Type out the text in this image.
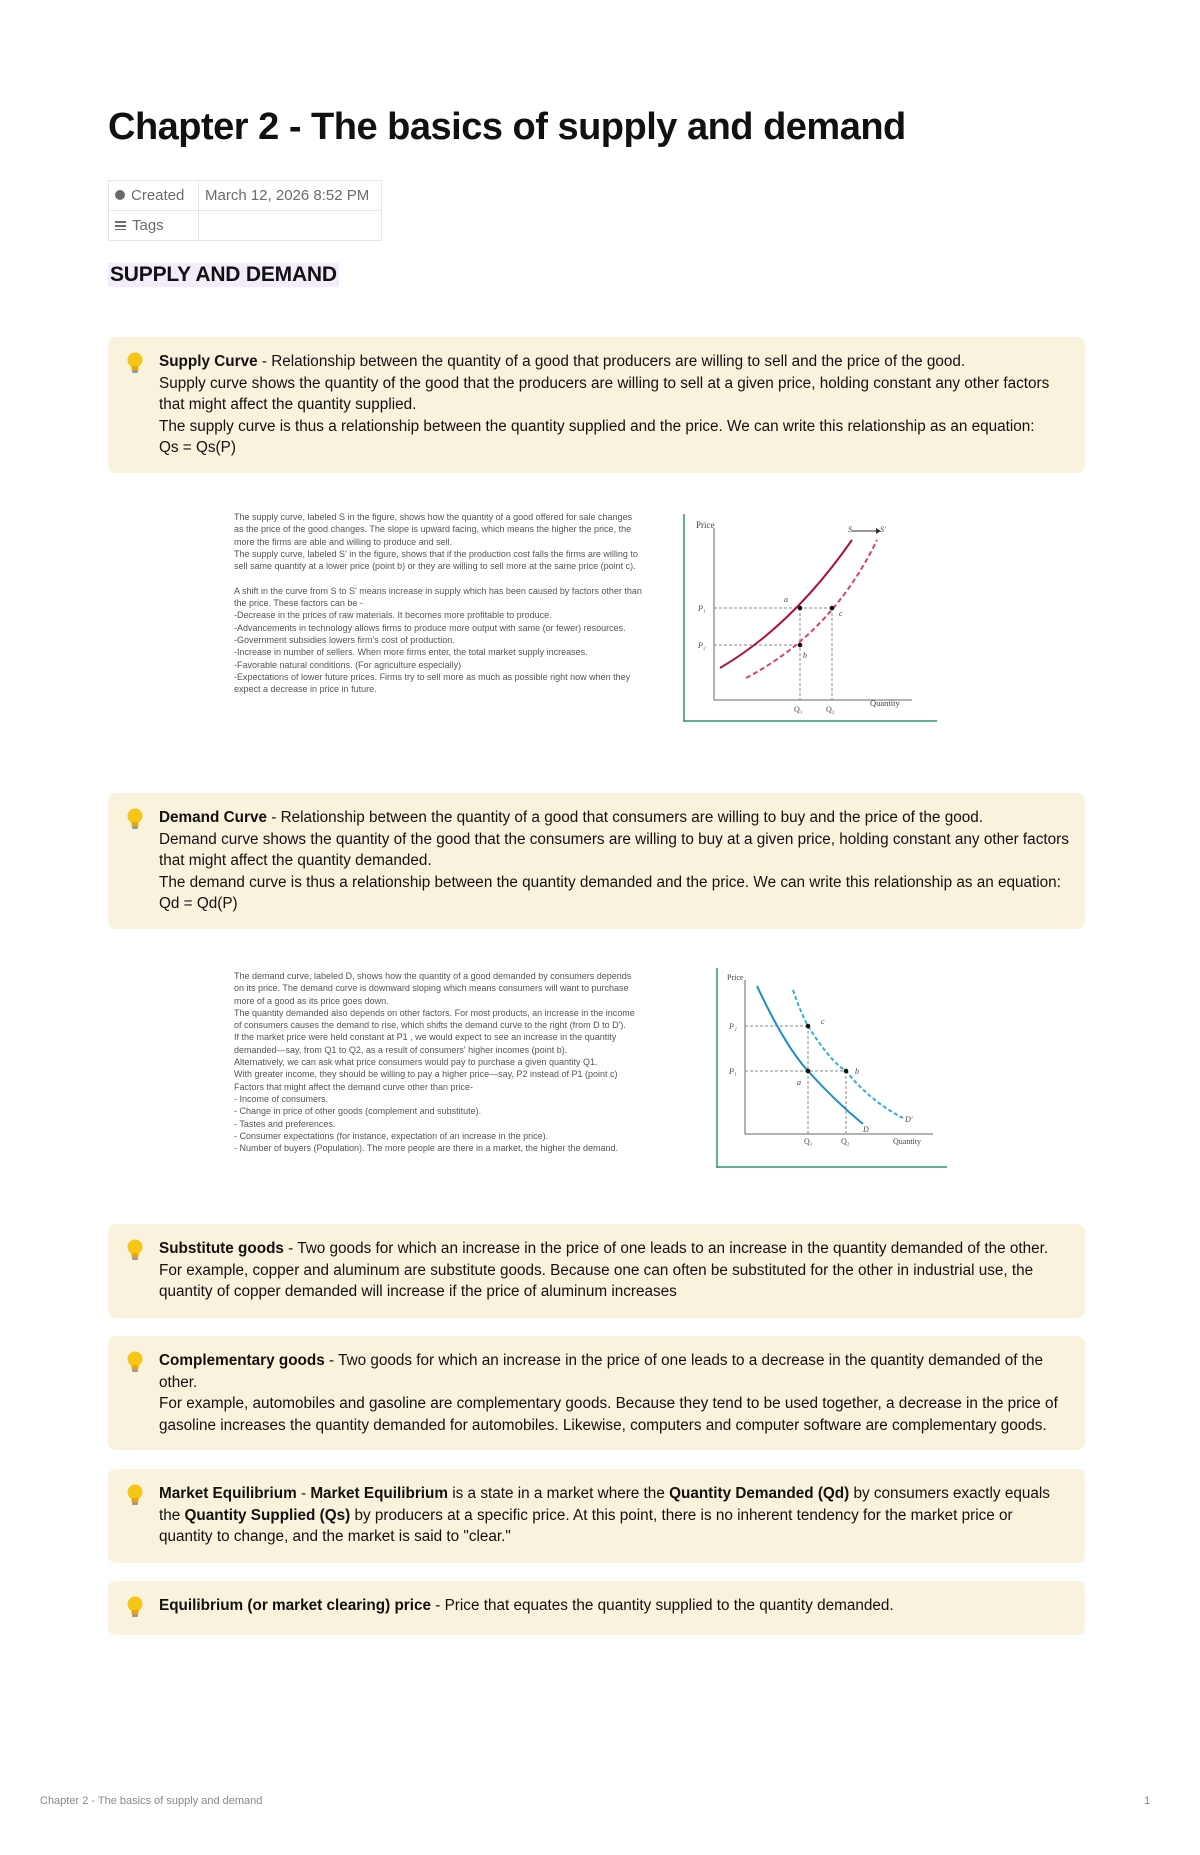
Chapter 2 - The basics of supply and demand
Created	March 12, 2026 8:52 PM
Tags	
SUPPLY AND DEMAND

Supply Curve - Relationship between the quantity of a good that producers are willing to sell and the price of the good.

Supply curve shows the quantity of the good that the producers are willing to sell at a given price, holding constant any other factors that might affect the quantity supplied.

The supply curve is thus a relationship between the quantity supplied and the price. We can write this relationship as an equation:

Qs = Qs(P)

The supply curve, labeled S in the figure, shows how the quantity of a good offered for sale changes
as the price of the good changes. The slope is upward facing, which means the higher the price, the
more the firms are able and willing to produce and sell.
The supply curve, labeled S' in the figure, shows that if the production cost falls the firms are willing to
sell same quantity at a lower price (point b) or they are willing to sell more at the same price (point c).

A shift in the curve from S to S' means increase in supply which has been caused by factors other than
the price. These factors can be -
-Decrease in the prices of raw materials. It becomes more profitable to produce.
-Advancements in technology allows firms to produce more output with same (or fewer) resources.
-Government subsidies lowers firm's cost of production.
-Increase in number of sellers. When more firms enter, the total market supply increases.
-Favorable natural conditions. (For agriculture especially)
-Expectations of lower future prices. Firms try to sell more as much as possible right now when they
expect a decrease in price in future.
Price
Quantity
S	S'
P₁
P₂
Q₁	Q₂
a
b
c

Demand Curve - Relationship between the quantity of a good that consumers are willing to buy and the price of the good.

Demand curve shows the quantity of the good that the consumers are willing to buy at a given price, holding constant any other factors that might affect the quantity demanded.

The demand curve is thus a relationship between the quantity demanded and the price. We can write this relationship as an equation:

Qd = Qd(P)

The demand curve, labeled D, shows how the quantity of a good demanded by consumers depends
on its price. The demand curve is downward sloping which means consumers will want to purchase
more of a good as its price goes down.
The quantity demanded also depends on other factors. For most products, an increase in the income
of consumers causes the demand to rise, which shifts the demand curve to the right (from D to D').
If the market price were held constant at P1 , we would expect to see an increase in the quantity
demanded—say, from Q1 to Q2, as a result of consumers' higher incomes (point b).
Alternatively, we can ask what price consumers would pay to purchase a given quantity Q1.
With greater income, they should be willing to pay a higher price—say, P2 instead of P1 (point c)
Factors that might affect the demand curve other than price-
- Income of consumers.
- Change in price of other goods (complement and substitute).
- Tastes and preferences.
- Consumer expectations (for instance, expectation of an increase in the price).
- Number of buyers (Population). The more people are there in a market, the higher the demand.
Price
Quantity
P₂
P₁
Q₁	Q₂
D
D'
a
b
c

Substitute goods - Two goods for which an increase in the price of one leads to an increase in the quantity demanded of the other.

For example, copper and aluminum are substitute goods. Because one can often be substituted for the other in industrial use, the quantity of copper demanded will increase if the price of aluminum increases

Complementary goods - Two goods for which an increase in the price of one leads to a decrease in the quantity demanded of the other.

For example, automobiles and gasoline are complementary goods. Because they tend to be used together, a decrease in the price of gasoline increases the quantity demanded for automobiles. Likewise, computers and computer software are complementary goods.

Market Equilibrium - Market Equilibrium is a state in a market where the Quantity Demanded (Qd) by consumers exactly equals the Quantity Supplied (Qs) by producers at a specific price. At this point, there is no inherent tendency for the market price or quantity to change, and the market is said to "clear."

Equilibrium (or market clearing) price - Price that equates the quantity supplied to the quantity demanded.

Chapter 2 - The basics of supply and demand	1
